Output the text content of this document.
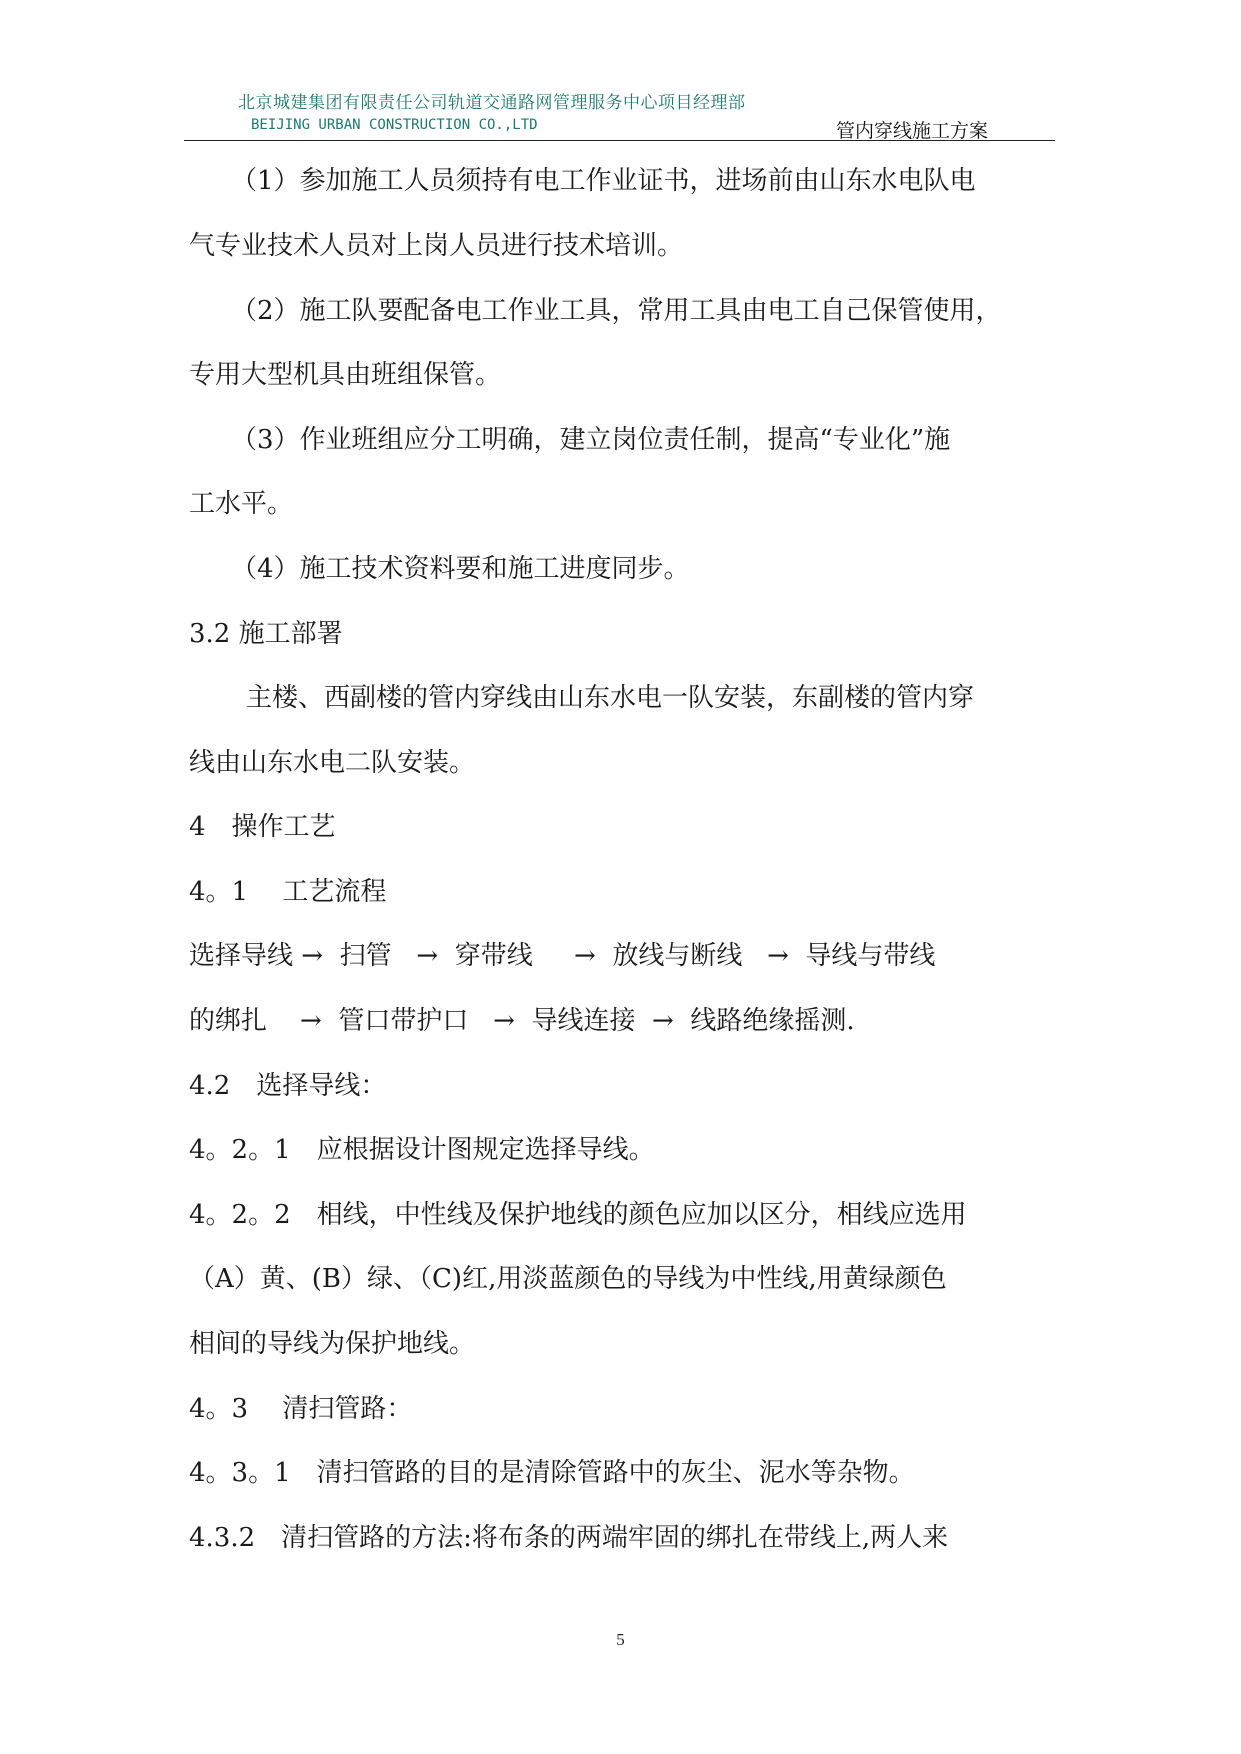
北京城建集团有限责任公司轨道交通路网管理服务中心项目经理部
BEIJING URBAN CONSTRUCTION CO.,LTD	管内穿线施工方案
（1）参加施工人员须持有电工作业证书，进场前由山东水电队电
气专业技术人员对上岗人员进行技术培训。
（2）施工队要配备电工作业工具，常用工具由电工自己保管使用，
专用大型机具由班组保管。
（3）作业班组应分工明确，建立岗位责任制，提高“专业化”施
工水平。
（4）施工技术资料要和施工进度同步。
3.2 施工部署
主楼、西副楼的管内穿线由山东水电一队安装，东副楼的管内穿
线由山东水电二队安装。
4　操作工艺
4。1　 工艺流程
选择导线 →  扫管   →  穿带线     →  放线与断线   →  导线与带线
的绑扎    →  管口带护口   →  导线连接  →  线路绝缘摇测.
4.2　选择导线：
4。2。1　应根据设计图规定选择导线。
4。2。2　相线，中性线及保护地线的颜色应加以区分，相线应选用
（A）黄、(B）绿、（C)红,用淡蓝颜色的导线为中性线,用黄绿颜色
相间的导线为保护地线。
4。3　 清扫管路：
4。3。1　清扫管路的目的是清除管路中的灰尘、泥水等杂物。
4.3.2　清扫管路的方法:将布条的两端牢固的绑扎在带线上,两人来
5
